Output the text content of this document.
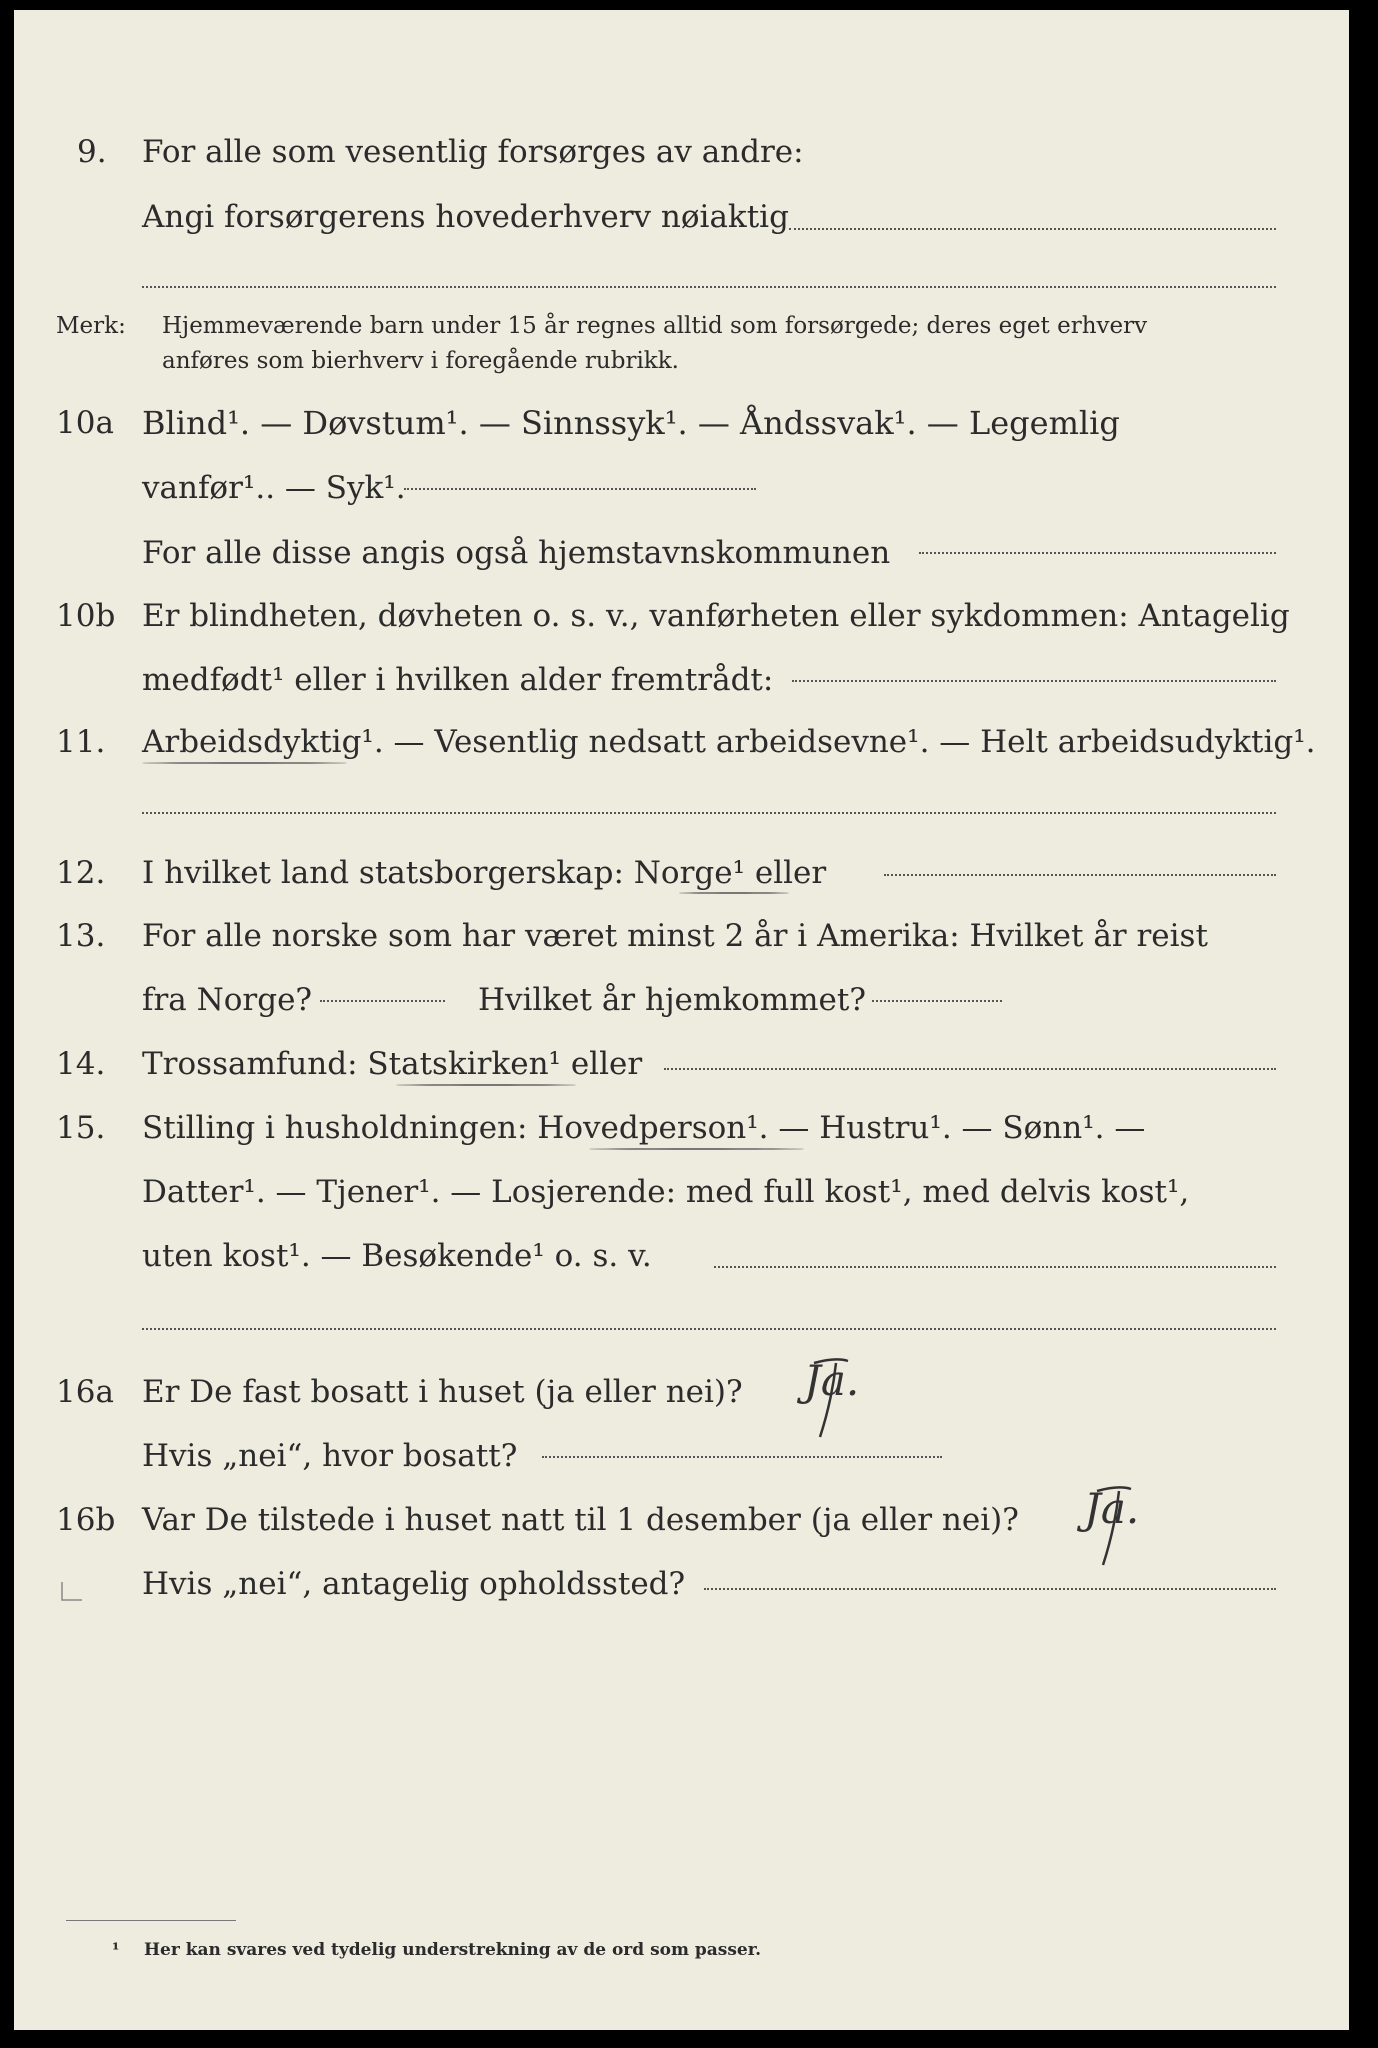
9. For alle som vesentlig forsørges av andre:
Angi forsørgerens hovederhverv nøiaktig
Merk: Hjemmeværende barn under 15 år regnes alltid som forsørgede; deres eget erhverv
anføres som bierhverv i foregående rubrikk.
10a Blind¹. — Døvstum¹. — Sinnssyk¹. — Åndssvak¹. — Legemlig
vanfør¹.. — Syk¹.
For alle disse angis også hjemstavnskommunen
10b Er blindheten, døvheten o. s. v., vanførheten eller sykdommen: Antagelig
medfødt¹ eller i hvilken alder fremtrådt:
11. Arbeidsdyktig¹. — Vesentlig nedsatt arbeidsevne¹. — Helt arbeidsudyktig¹.
12. I hvilket land statsborgerskap: Norge¹ eller
13. For alle norske som har været minst 2 år i Amerika: Hvilket år reist
fra Norge?	Hvilket år hjemkommet?
14. Trossamfund: Statskirken¹ eller
15. Stilling i husholdningen: Hovedperson¹. — Hustru¹. — Sønn¹. —
Datter¹. — Tjener¹. — Losjerende: med full kost¹, med delvis kost¹,
uten kost¹. — Besøkende¹ o. s. v.
16a Er De fast bosatt i huset (ja eller nei)? Ja.
Hvis „nei“, hvor bosatt?
16b Var De tilstede i huset natt til 1 desember (ja eller nei)? Ja.
Hvis „nei“, antagelig opholdssted?
¹ Her kan svares ved tydelig understrekning av de ord som passer.
